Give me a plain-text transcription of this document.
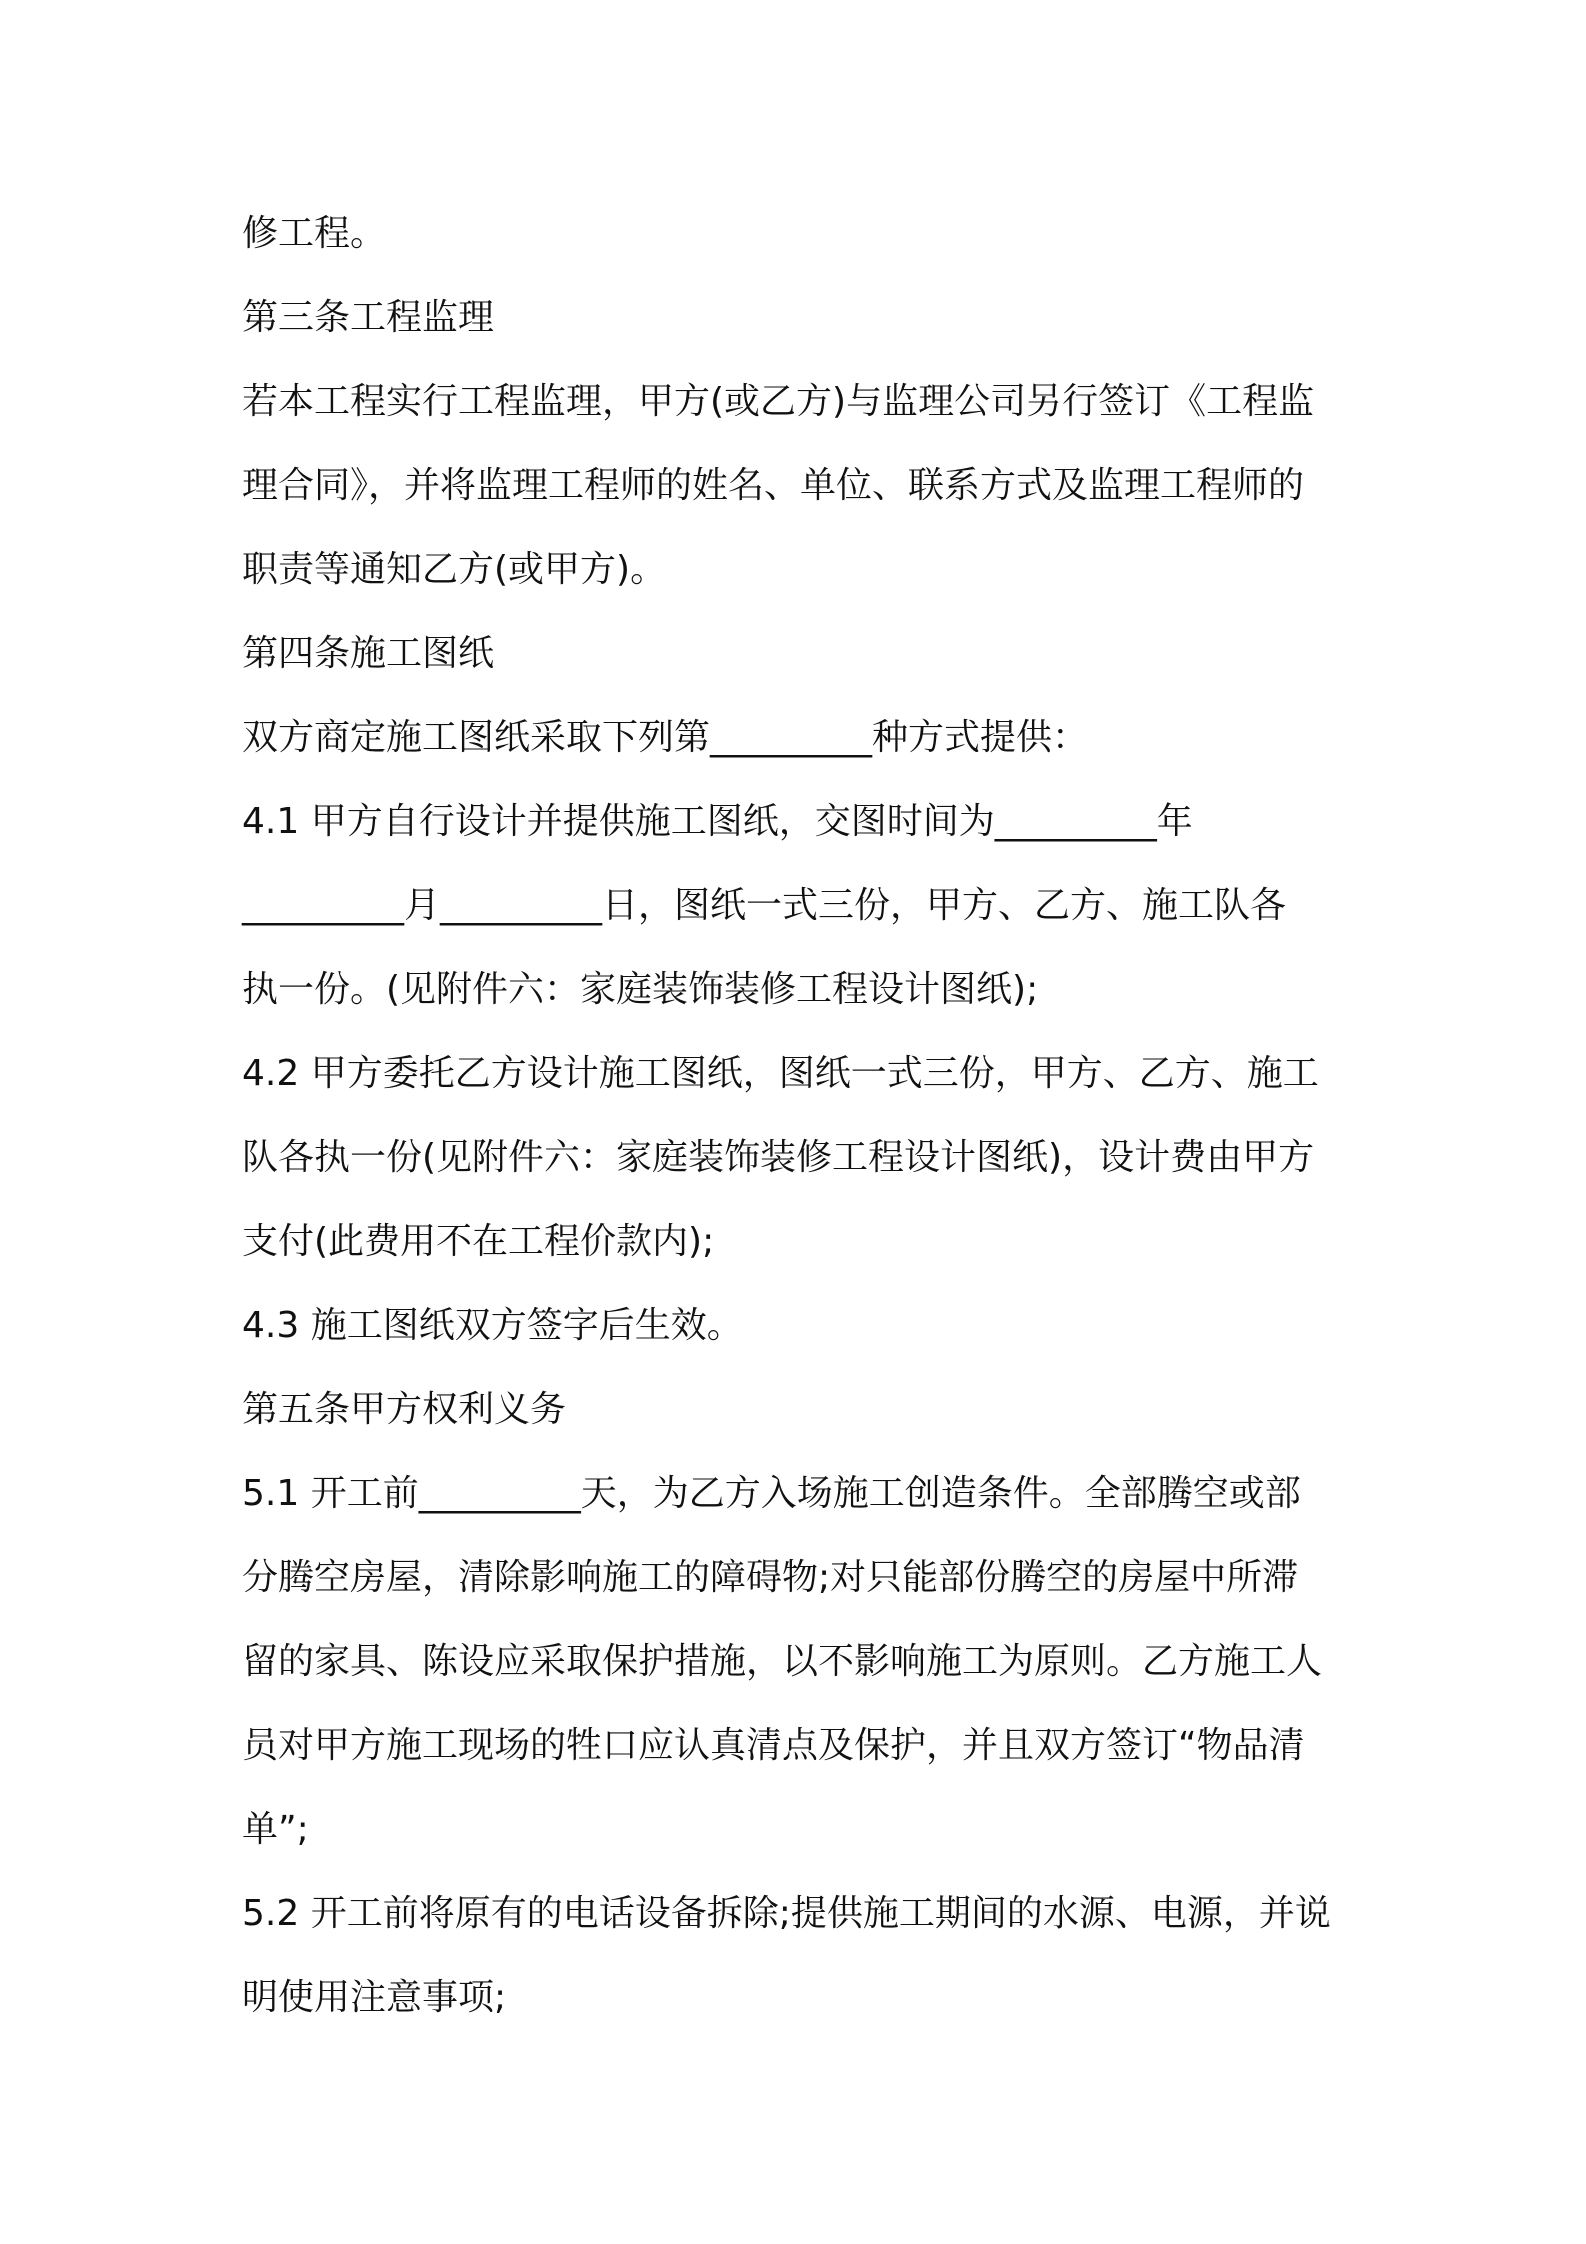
修工程。

第三条工程监理

若本工程实行工程监理，甲方(或乙方)与监理公司另行签订《工程监

理合同》，并将监理工程师的姓名、单位、联系方式及监理工程师的

职责等通知乙方(或甲方)。

第四条施工图纸

双方商定施工图纸采取下列第_________种方式提供：

4.1 甲方自行设计并提供施工图纸，交图时间为_________年

_________月_________日，图纸一式三份，甲方、乙方、施工队各

执一份。(见附件六：家庭装饰装修工程设计图纸);

4.2 甲方委托乙方设计施工图纸，图纸一式三份，甲方、乙方、施工

队各执一份(见附件六：家庭装饰装修工程设计图纸)，设计费由甲方

支付(此费用不在工程价款内);

4.3 施工图纸双方签字后生效。

第五条甲方权利义务

5.1 开工前_________天，为乙方入场施工创造条件。全部腾空或部

分腾空房屋，清除影响施工的障碍物;对只能部份腾空的房屋中所滞

留的家具、陈设应采取保护措施，以不影响施工为原则。乙方施工人

员对甲方施工现场的牲口应认真清点及保护，并且双方签订“物品清

单”;

5.2 开工前将原有的电话设备拆除;提供施工期间的水源、电源，并说

明使用注意事项;
